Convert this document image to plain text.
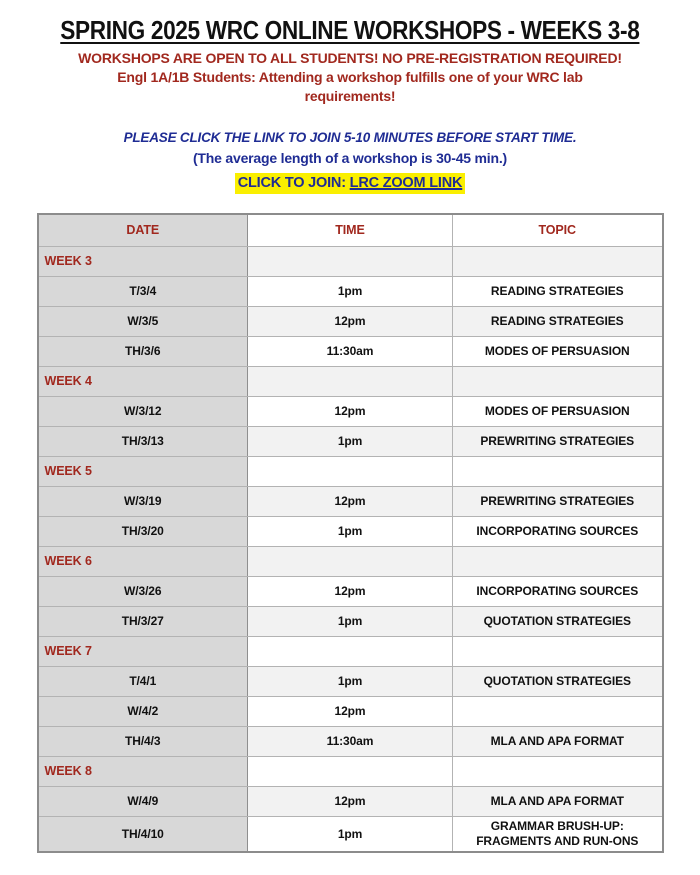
SPRING 2025 WRC ONLINE WORKSHOPS - WEEKS 3-8

WORKSHOPS ARE OPEN TO ALL STUDENTS! NO PRE-REGISTRATION REQUIRED!

Engl 1A/1B Students: Attending a workshop fulfills one of your WRC lab

requirements!

PLEASE CLICK THE LINK TO JOIN 5-10 MINUTES BEFORE START TIME.

(The average length of a workshop is 30-45 min.)

CLICK TO JOIN: LRC ZOOM LINK
DATE	TIME	TOPIC
WEEK 3		
T/3/4	1pm	READING STRATEGIES
W/3/5	12pm	READING STRATEGIES
TH/3/6	11:30am	MODES OF PERSUASION
WEEK 4		
W/3/12	12pm	MODES OF PERSUASION
TH/3/13	1pm	PREWRITING STRATEGIES
WEEK 5		
W/3/19	12pm	PREWRITING STRATEGIES
TH/3/20	1pm	INCORPORATING SOURCES
WEEK 6		
W/3/26	12pm	INCORPORATING SOURCES
TH/3/27	1pm	QUOTATION STRATEGIES
WEEK 7		
T/4/1	1pm	QUOTATION STRATEGIES
W/4/2	12pm	
TH/4/3	11:30am	MLA AND APA FORMAT
WEEK 8		
W/4/9	12pm	MLA AND APA FORMAT
TH/4/10	1pm	GRAMMAR BRUSH-UP: FRAGMENTS AND RUN-ONS
